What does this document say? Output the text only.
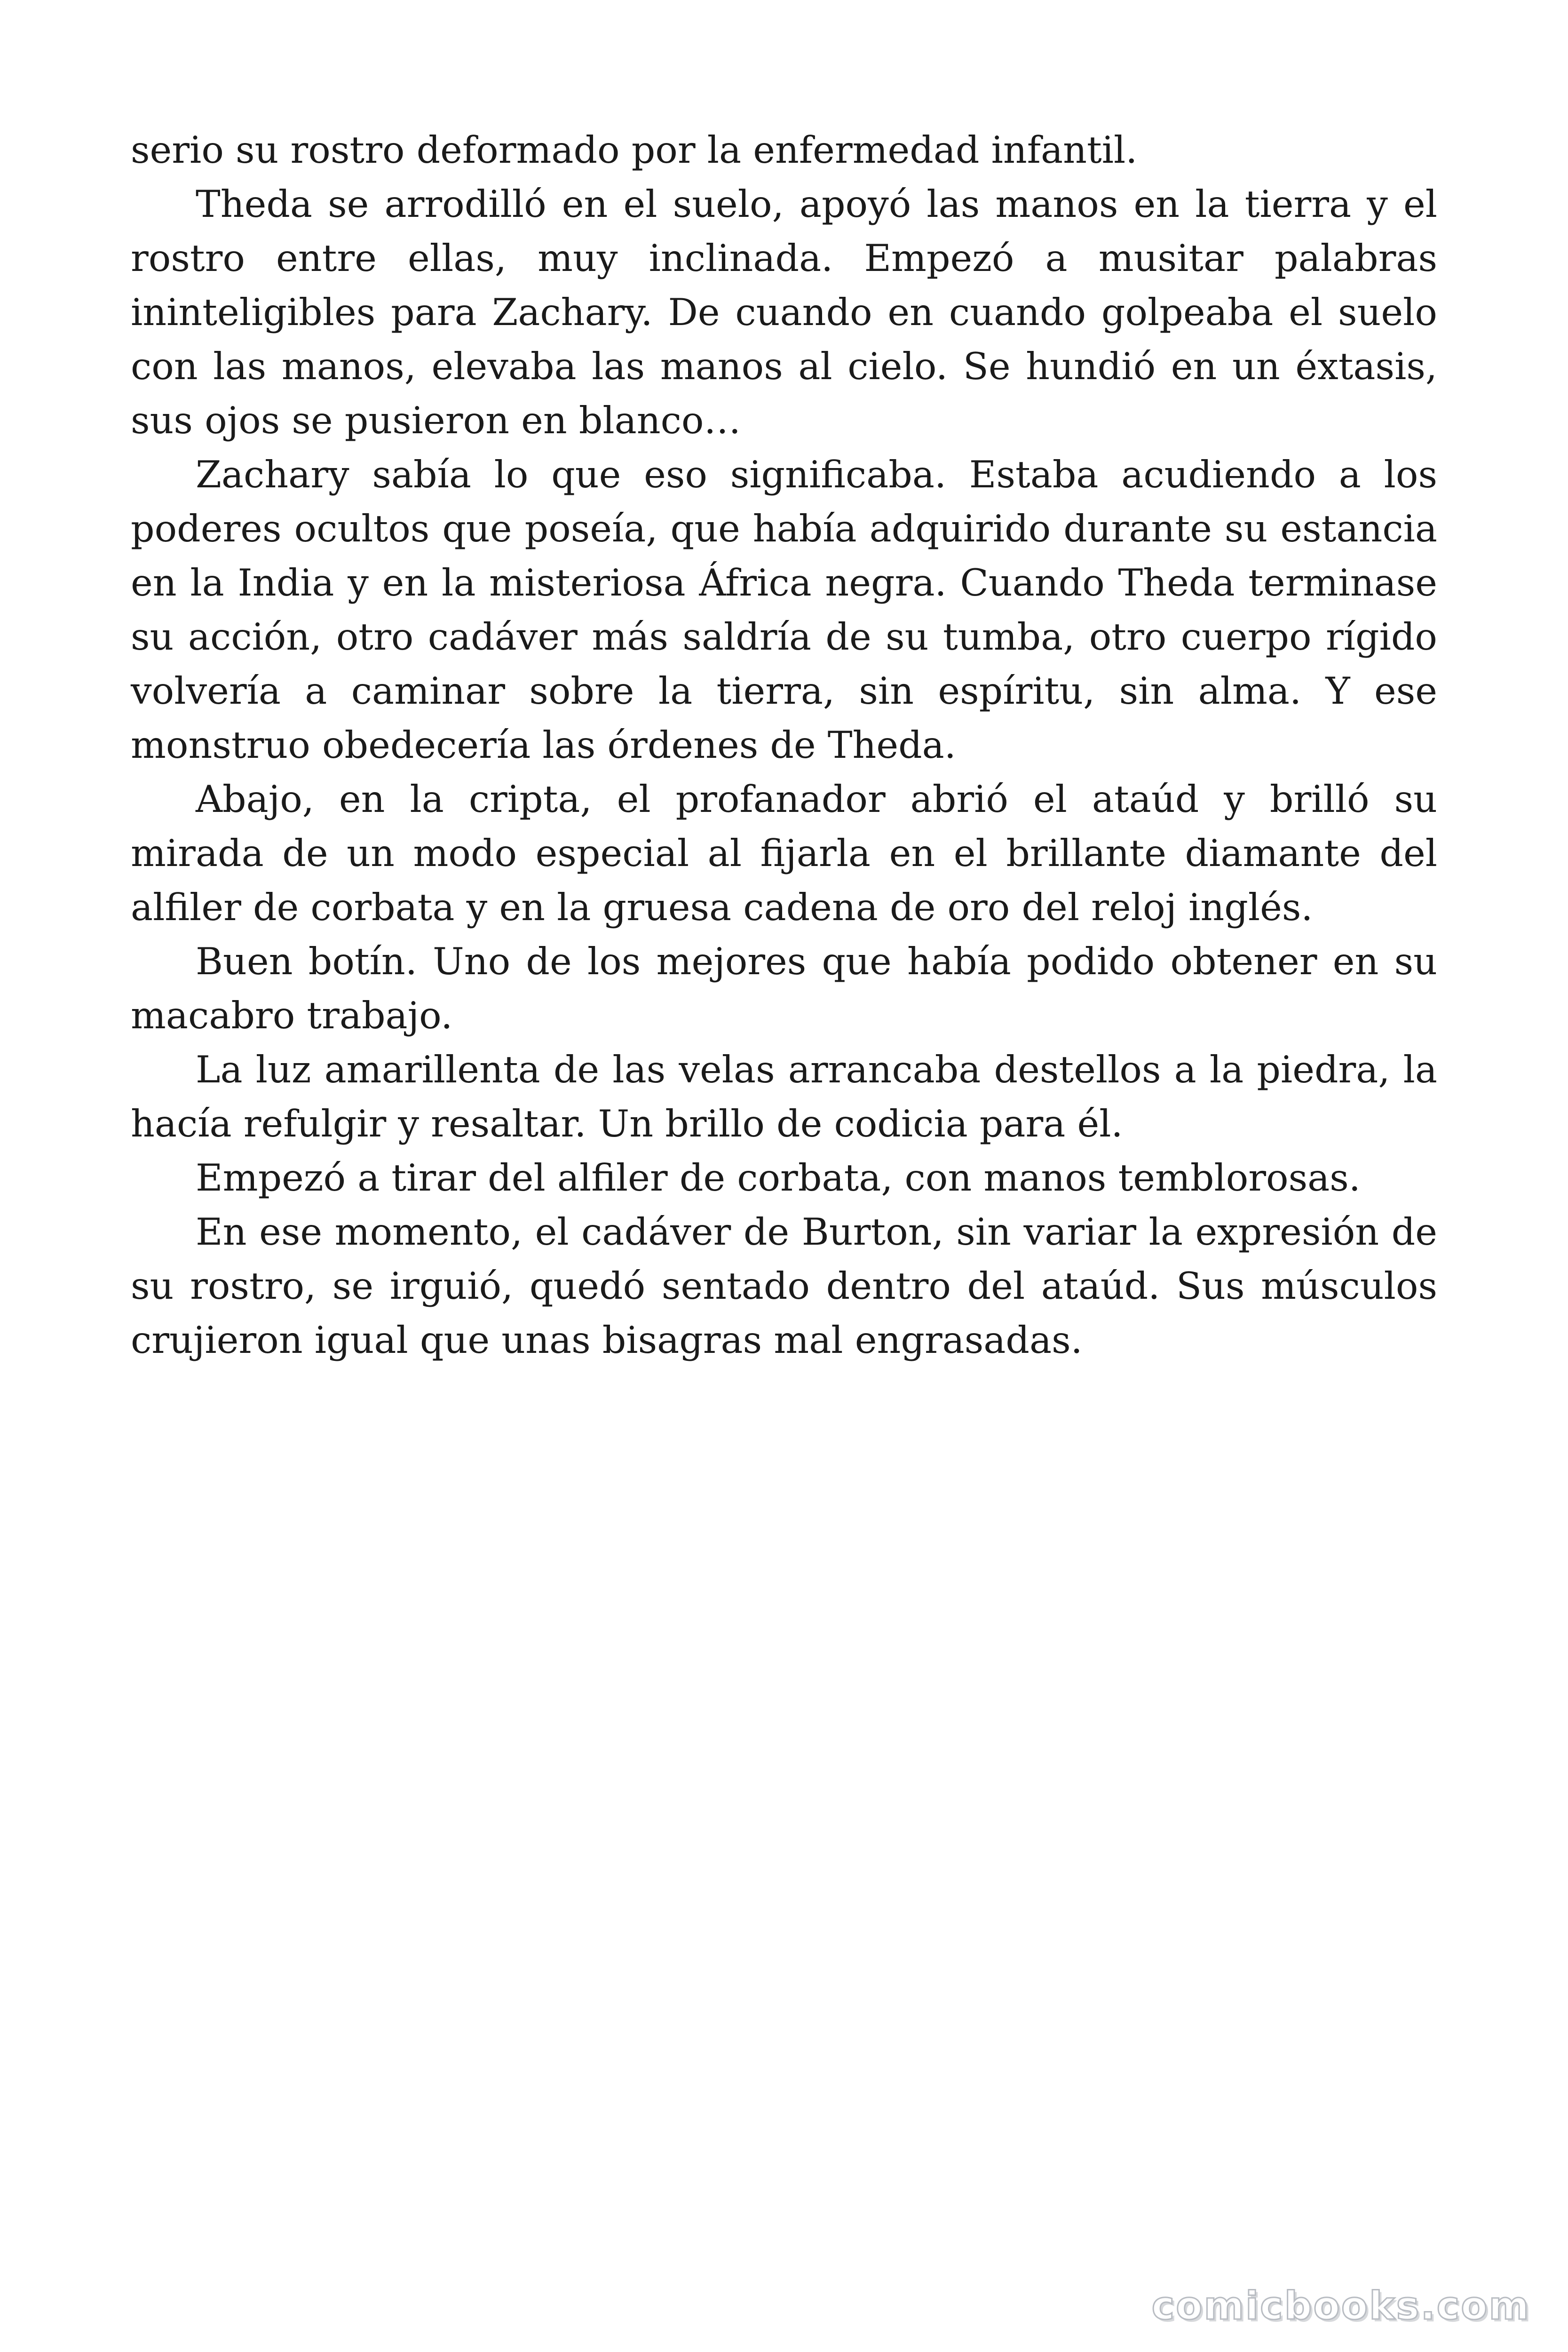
serio su rostro deformado por la enfermedad infantil.

Theda se arrodilló en el suelo, apoyó las manos en la tierra y el rostro entre ellas, muy inclinada. Empezó a musitar palabras ininteligibles para Zachary. De cuando en cuando golpeaba el suelo con las manos, elevaba las manos al cielo. Se hundió en un éxtasis, sus ojos se pusieron en blanco…

Zachary sabía lo que eso significaba. Estaba acudiendo a los poderes ocultos que poseía, que había adquirido durante su estancia en la India y en la misteriosa África negra. Cuando Theda terminase su acción, otro cadáver más saldría de su tumba, otro cuerpo rígido volvería a caminar sobre la tierra, sin espíritu, sin alma. Y ese monstruo obedecería las órdenes de Theda.

Abajo, en la cripta, el profanador abrió el ataúd y brilló su mirada de un modo especial al fijarla en el brillante diamante del alfiler de corbata y en la gruesa cadena de oro del reloj inglés.

Buen botín. Uno de los mejores que había podido obtener en su macabro trabajo.

La luz amarillenta de las velas arrancaba destellos a la piedra, la hacía refulgir y resaltar. Un brillo de codicia para él.

Empezó a tirar del alfiler de corbata, con manos temblorosas.

En ese momento, el cadáver de Burton, sin variar la expresión de su rostro, se irguió, quedó sentado dentro del ataúd. Sus músculos crujieron igual que unas bisagras mal engrasadas.

comicbooks.com
